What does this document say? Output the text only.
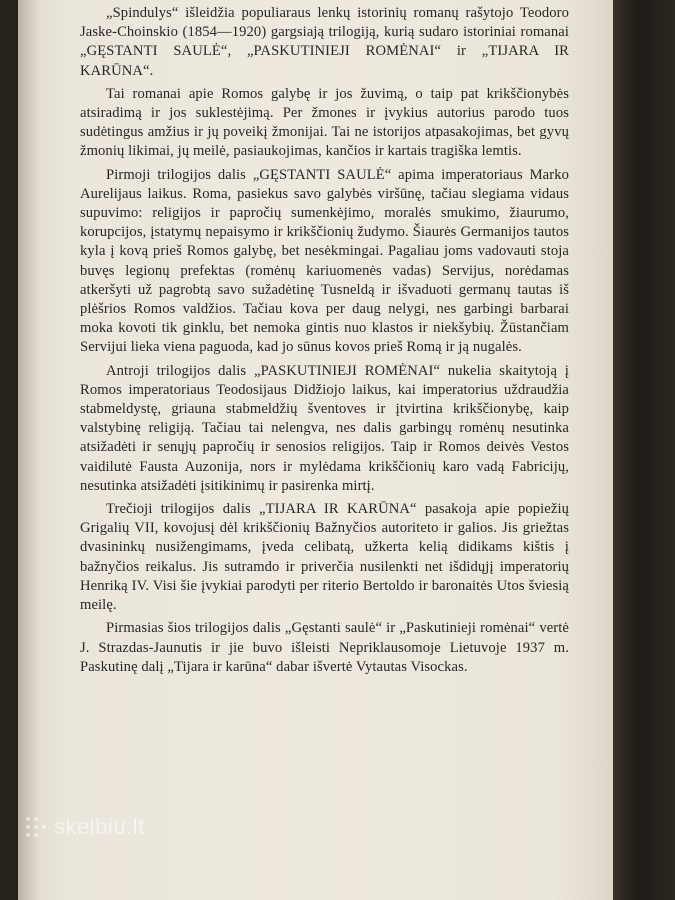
„Spindulys“ išleidžia populiaraus lenkų istorinių romanų rašytojo Teodoro Jaske-Choinskio (1854—1920) gargsiają trilogiją, kurią sudaro istoriniai romanai „GĘSTANTI SAULĖ“, „PASKUTINIEJI ROMĖNAI“ ir „TIJARA IR KARŪNA“.

Tai romanai apie Romos galybę ir jos žuvimą, o taip pat krikščionybės atsiradimą ir jos suklestėjimą. Per žmones ir įvykius autorius parodo tuos sudėtingus amžius ir jų poveikį žmonijai. Tai ne istorijos atpasakojimas, bet gyvų žmonių likimai, jų meilė, pasiaukojimas, kančios ir kartais tragiška lemtis.

Pirmoji trilogijos dalis „GĘSTANTI SAULĖ“ apima imperatoriaus Marko Aurelijaus laikus. Roma, pasiekus savo galybės viršūnę, tačiau slegiama vidaus supuvimo: religijos ir papročių sumenkėjimo, moralės smukimo, žiaurumo, korupcijos, įstatymų nepaisymo ir krikščionių žudymo. Šiaurės Germanijos tautos kyla į kovą prieš Romos galybę, bet nesėkmingai. Pagaliau joms vadovauti stoja buvęs legionų prefektas (romėnų kariuomenės vadas) Servijus, norėdamas atkeršyti už pagrobtą savo sužadėtinę Tusneldą ir išvaduoti germanų tautas iš plėšrios Romos valdžios. Tačiau kova per daug nelygi, nes garbingi barbarai moka kovoti tik ginklu, bet nemoka gintis nuo klastos ir niekšybių. Žūstančiam Servijui lieka viena paguoda, kad jo sūnus kovos prieš Romą ir ją nugalės.

Antroji trilogijos dalis „PASKUTINIEJI ROMĖNAI“ nukelia skaitytoją į Romos imperatoriaus Teodosijaus Didžiojo laikus, kai imperatorius uždraudžia stabmeldystę, griauna stabmeldžių šventoves ir įtvirtina krikščionybę, kaip valstybinę religiją. Tačiau tai nelengva, nes dalis garbingų romėnų nesutinka atsižadėti ir senųjų papročių ir senosios religijos. Taip ir Romos deivės Vestos vaidilutė Fausta Auzonija, nors ir mylėdama krikščionių karo vadą Fabricijų, nesutinka atsižadėti įsitikinimų ir pasirenka mirtį.

Trečioji trilogijos dalis „TIJARA IR KARŪNA“ pasakoja apie popiežių Grigalių VII, kovojusį dėl krikščionių Bažnyčios autoriteto ir galios. Jis griežtas dvasininkų nusižengimams, įveda celibatą, užkerta kelią didikams kištis į bažnyčios reikalus. Jis sutramdo ir priverčia nusilenkti net išdidųjį imperatorių Henriką IV. Visi šie įvykiai parodyti per riterio Bertoldo ir baronaitės Utos šviesią meilę.

Pirmasias šios trilogijos dalis „Gęstanti saulė“ ir „Paskutinieji romėnai“ vertė J. Strazdas-Jaunutis ir jie buvo išleisti Nepriklausomoje Lietuvoje 1937 m. Paskutinę dalį „Tijara ir karūna“ dabar išvertė Vytautas Visockas.

skelbiu.lt
